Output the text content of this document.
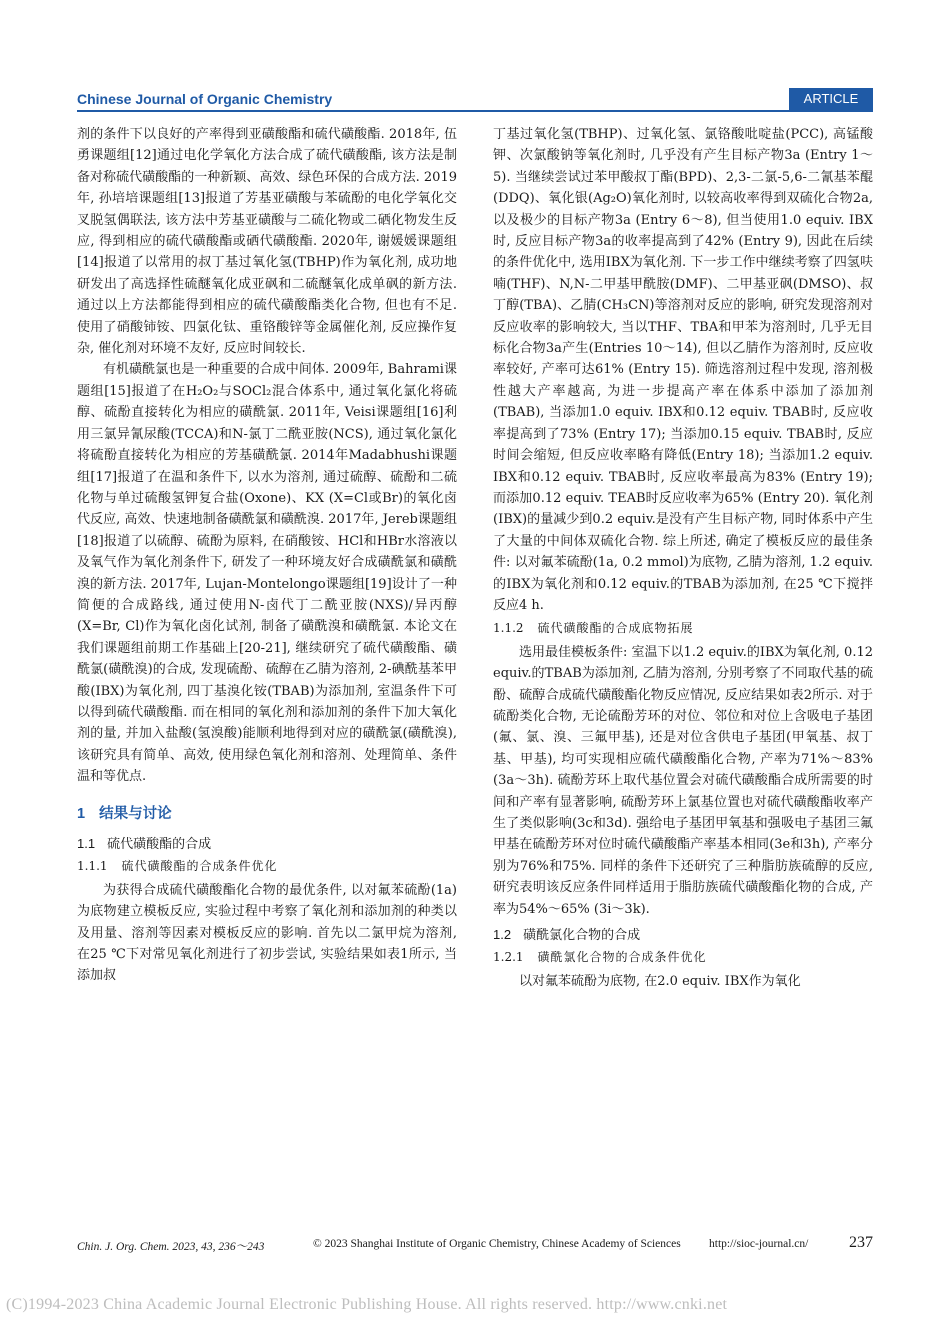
Chinese Journal of Organic Chemistry	ARTICLE

剂的条件下以良好的产率得到亚磺酸酯和硫代磺酸酯. 2018年, 伍勇课题组[12]通过电化学氧化方法合成了硫代磺酸酯, 该方法是制备对称硫代磺酸酯的一种新颖、高效、绿色环保的合成方法. 2019年, 孙培培课题组[13]报道了芳基亚磺酸与苯硫酚的电化学氧化交叉脱氢偶联法, 该方法中芳基亚磺酸与二硫化物或二硒化物发生反应, 得到相应的硫代磺酸酯或硒代磺酸酯. 2020年, 谢媛媛课题组[14]报道了以常用的叔丁基过氧化氢(TBHP)作为氧化剂, 成功地研发出了高选择性硫醚氧化成亚砜和二硫醚氧化成单砜的新方法. 通过以上方法都能得到相应的硫代磺酸酯类化合物, 但也有不足. 使用了硝酸铈铵、四氯化钛、重铬酸锌等金属催化剂, 反应操作复杂, 催化剂对环境不友好, 反应时间较长.

有机磺酰氯也是一种重要的合成中间体. 2009年, Bahrami课题组[15]报道了在H₂O₂与SOCl₂混合体系中, 通过氧化氯化将硫醇、硫酚直接转化为相应的磺酰氯. 2011年, Veisi课题组[16]利用三氯异氰尿酸(TCCA)和N-氯丁二酰亚胺(NCS), 通过氧化氯化将硫酚直接转化为相应的芳基磺酰氯. 2014年Madabhushi课题组[17]报道了在温和条件下, 以水为溶剂, 通过硫醇、硫酚和二硫化物与单过硫酸氢钾复合盐(Oxone)、KX (X=Cl或Br)的氧化卤代反应, 高效、快速地制备磺酰氯和磺酰溴. 2017年, Jereb课题组[18]报道了以硫醇、硫酚为原料, 在硝酸铵、HCl和HBr水溶液以及氧气作为氧化剂条件下, 研发了一种环境友好合成磺酰氯和磺酰溴的新方法. 2017年, Lujan-Montelongo课题组[19]设计了一种简便的合成路线, 通过使用N-卤代丁二酰亚胺(NXS)/异丙醇(X=Br, Cl)作为氧化卤化试剂, 制备了磺酰溴和磺酰氯. 本论文在我们课题组前期工作基础上[20-21], 继续研究了硫代磺酸酯、磺酰氯(磺酰溴)的合成, 发现硫酚、硫醇在乙腈为溶剂, 2-碘酰基苯甲酸(IBX)为氧化剂, 四丁基溴化铵(TBAB)为添加剂, 室温条件下可以得到硫代磺酸酯. 而在相同的氧化剂和添加剂的条件下加大氧化剂的量, 并加入盐酸(氢溴酸)能顺利地得到对应的磺酰氯(磺酰溴), 该研究具有简单、高效, 使用绿色氧化剂和溶剂、处理简单、条件温和等优点.

1 结果与讨论
1.1 硫代磺酸酯的合成
1.1.1 硫代磺酸酯的合成条件优化

为获得合成硫代磺酸酯化合物的最优条件, 以对氟苯硫酚(1a)为底物建立模板反应, 实验过程中考察了氧化剂和添加剂的种类以及用量、溶剂等因素对模板反应的影响. 首先以二氯甲烷为溶剂, 在25 ℃下对常见氧化剂进行了初步尝试, 实验结果如表1所示, 当添加叔

丁基过氧化氢(TBHP)、过氧化氢、氯铬酸吡啶盐(PCC), 高锰酸钾、次氯酸钠等氧化剂时, 几乎没有产生目标产物3a (Entry 1～5). 当继续尝试过苯甲酸叔丁酯(BPD)、2,3-二氯-5,6-二氰基苯醌(DDQ)、氧化银(Ag₂O)氧化剂时, 以较高收率得到双硫化合物2a, 以及极少的目标产物3a (Entry 6～8), 但当使用1.0 equiv. IBX时, 反应目标产物3a的收率提高到了42% (Entry 9), 因此在后续的条件优化中, 选用IBX为氧化剂. 下一步工作中继续考察了四氢呋喃(THF)、N,N-二甲基甲酰胺(DMF)、二甲基亚砜(DMSO)、叔丁醇(TBA)、乙腈(CH₃CN)等溶剂对反应的影响, 研究发现溶剂对反应收率的影响较大, 当以THF、TBA和甲苯为溶剂时, 几乎无目标化合物3a产生(Entries 10～14), 但以乙腈作为溶剂时, 反应收率较好, 产率可达61% (Entry 15). 筛选溶剂过程中发现, 溶剂极性越大产率越高, 为进一步提高产率在体系中添加了添加剂(TBAB), 当添加1.0 equiv. IBX和0.12 equiv. TBAB时, 反应收率提高到了73% (Entry 17); 当添加0.15 equiv. TBAB时, 反应时间会缩短, 但反应收率略有降低(Entry 18); 当添加1.2 equiv. IBX和0.12 equiv. TBAB时, 反应收率最高为83% (Entry 19); 而添加0.12 equiv. TEAB时反应收率为65% (Entry 20). 氧化剂(IBX)的量减少到0.2 equiv.是没有产生目标产物, 同时体系中产生了大量的中间体双硫化合物. 综上所述, 确定了模板反应的最佳条件: 以对氟苯硫酚(1a, 0.2 mmol)为底物, 乙腈为溶剂, 1.2 equiv.的IBX为氧化剂和0.12 equiv.的TBAB为添加剂, 在25 ℃下搅拌反应4 h.

1.1.2 硫代磺酸酯的合成底物拓展

选用最佳模板条件: 室温下以1.2 equiv.的IBX为氧化剂, 0.12 equiv.的TBAB为添加剂, 乙腈为溶剂, 分别考察了不同取代基的硫酚、硫醇合成硫代磺酸酯化物反应情况, 反应结果如表2所示. 对于硫酚类化合物, 无论硫酚芳环的对位、邻位和对位上含吸电子基团(氟、氯、溴、三氟甲基), 还是对位含供电子基团(甲氧基、叔丁基、甲基), 均可实现相应硫代磺酸酯化合物, 产率为71%～83% (3a～3h). 硫酚芳环上取代基位置会对硫代磺酸酯合成所需要的时间和产率有显著影响, 硫酚芳环上氯基位置也对硫代磺酸酯收率产生了类似影响(3c和3d). 强给电子基团甲氧基和强吸电子基团三氟甲基在硫酚芳环对位时硫代磺酸酯产率基本相同(3e和3h), 产率分别为76%和75%. 同样的条件下还研究了三种脂肪族硫醇的反应, 研究表明该反应条件同样适用于脂肪族硫代磺酸酯化物的合成, 产率为54%～65% (3i～3k).

1.2 磺酰氯化合物的合成
1.2.1 磺酰氯化合物的合成条件优化

以对氟苯硫酚为底物, 在2.0 equiv. IBX作为氧化

Chin. J. Org. Chem. 2023, 43, 236～243	© 2023 Shanghai Institute of Organic Chemistry, Chinese Academy of Sciences http://sioc-journal.cn/	237
(C)1994-2023 China Academic Journal Electronic Publishing House. All rights reserved. http://www.cnki.net
